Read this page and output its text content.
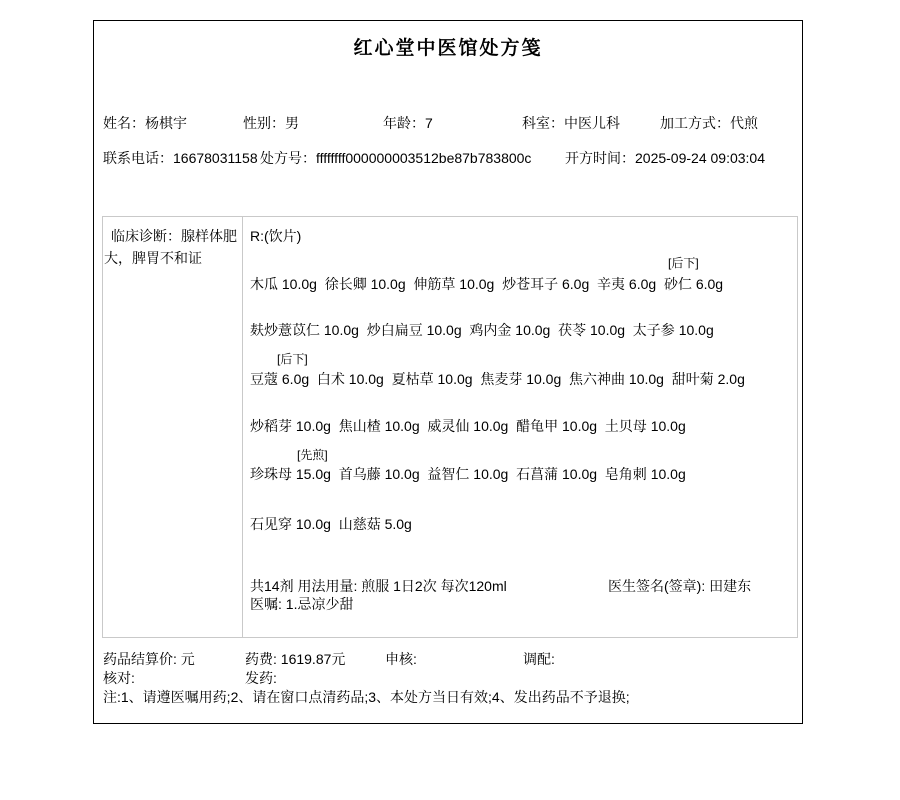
红心堂中医馆处方笺
姓名：杨棋宇	性别：男	年龄：7	科室：中医儿科	加工方式：代煎
联系电话：16678031158 处方号：ffffffff000000003512be87b783800c 开方时间：2025-09-24 09:03:04
临床诊断：腺样体肥大，脾胃不和证
R:(饮片)
[后下]
木瓜 10.0g  徐长卿 10.0g  伸筋草 10.0g  炒苍耳子 6.0g  辛夷 6.0g  砂仁 6.0g
麸炒薏苡仁 10.0g  炒白扁豆 10.0g  鸡内金 10.0g  茯苓 10.0g  太子参 10.0g
[后下]
豆蔻 6.0g  白术 10.0g  夏枯草 10.0g  焦麦芽 10.0g  焦六神曲 10.0g  甜叶菊 2.0g
炒稻芽 10.0g  焦山楂 10.0g  威灵仙 10.0g  醋龟甲 10.0g  土贝母 10.0g
[先煎]
珍珠母 15.0g  首乌藤 10.0g  益智仁 10.0g  石菖蒲 10.0g  皂角刺 10.0g
石见穿 10.0g  山慈菇 5.0g
共14剂 用法用量: 煎服 1日2次 每次120ml	医生签名(签章): 田建东
医嘱: 1.忌凉少甜
药品结算价: 元	药费: 1619.87元	申核:	调配:
核对:	发药:
注:1、请遵医嘱用药;2、请在窗口点清药品;3、本处方当日有效;4、发出药品不予退换;
